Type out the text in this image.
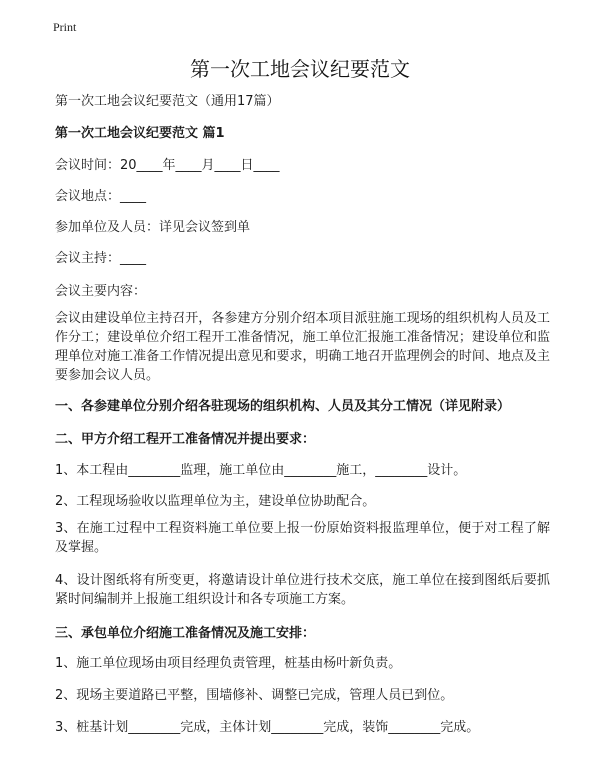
Print
第一次工地会议纪要范文
第一次工地会议纪要范文（通用17篇）
第一次工地会议纪要范文 篇1
会议时间：20____年____月____日____
会议地点：____
参加单位及人员：详见会议签到单
会议主持：____
会议主要内容：
会议由建设单位主持召开，各参建方分别介绍本项目派驻施工现场的组织机构人员及工作分工；建设单位介绍工程开工准备情况，施工单位汇报施工准备情况；建设单位和监理单位对施工准备工作情况提出意见和要求，明确工地召开监理例会的时间、地点及主要参加会议人员。
一、各参建单位分别介绍各驻现场的组织机构、人员及其分工情况（详见附录）
二、甲方介绍工程开工准备情况并提出要求：
1、本工程由________监理，施工单位由________施工，________设计。
2、工程现场验收以监理单位为主，建设单位协助配合。
3、在施工过程中工程资料施工单位要上报一份原始资料报监理单位，便于对工程了解及掌握。
4、设计图纸将有所变更，将邀请设计单位进行技术交底，施工单位在接到图纸后要抓紧时间编制并上报施工组织设计和各专项施工方案。
三、承包单位介绍施工准备情况及施工安排：
1、施工单位现场由项目经理负责管理，桩基由杨叶新负责。
2、现场主要道路已平整，围墙修补、调整已完成，管理人员已到位。
3、桩基计划________完成，主体计划________完成，装饰________完成。
